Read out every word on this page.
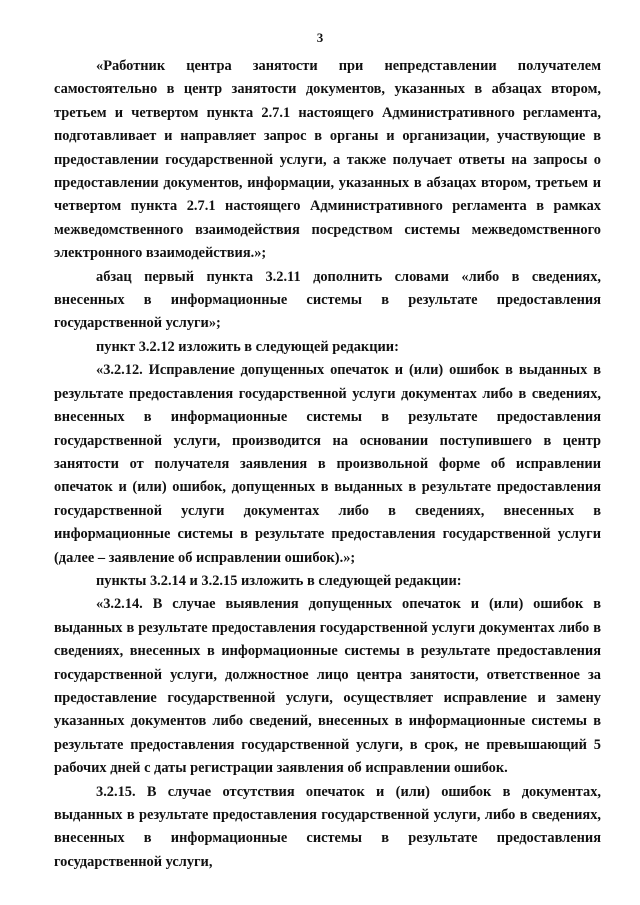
3

«Работник центра занятости при непредставлении получателем самостоятельно в центр занятости документов, указанных в абзацах втором, третьем и четвертом пункта 2.7.1 настоящего Административного регламента, подготавливает и направляет запрос в органы и организации, участвующие в предоставлении государственной услуги, а также получает ответы на запросы о предоставлении документов, информации, указанных в абзацах втором, третьем и четвертом пункта 2.7.1 настоящего Административного регламента в рамках межведомственного взаимодействия посредством системы межведомственного электронного взаимодействия.»;

абзац первый пункта 3.2.11 дополнить словами «либо в сведениях, внесенных в информационные системы в результате предоставления государственной услуги»;

пункт 3.2.12 изложить в следующей редакции:

«3.2.12. Исправление допущенных опечаток и (или) ошибок в выданных в результате предоставления государственной услуги документах либо в сведениях, внесенных в информационные системы в результате предоставления государственной услуги, производится на основании поступившего в центр занятости от получателя заявления в произвольной форме об исправлении опечаток и (или) ошибок, допущенных в выданных в результате предоставления государственной услуги документах либо в сведениях, внесенных в информационные системы в результате предоставления государственной услуги (далее – заявление об исправлении ошибок).»;

пункты 3.2.14 и 3.2.15 изложить в следующей редакции:

«3.2.14. В случае выявления допущенных опечаток и (или) ошибок в выданных в результате предоставления государственной услуги документах либо в сведениях, внесенных в информационные системы в результате предоставления государственной услуги, должностное лицо центра занятости, ответственное за предоставление государственной услуги, осуществляет исправление и замену указанных документов либо сведений, внесенных в информационные системы в результате предоставления государственной услуги, в срок, не превышающий 5 рабочих дней с даты регистрации заявления об исправлении ошибок.

3.2.15. В случае отсутствия опечаток и (или) ошибок в документах, выданных в результате предоставления государственной услуги, либо в сведениях, внесенных в информационные системы в результате предоставления государственной услуги,
